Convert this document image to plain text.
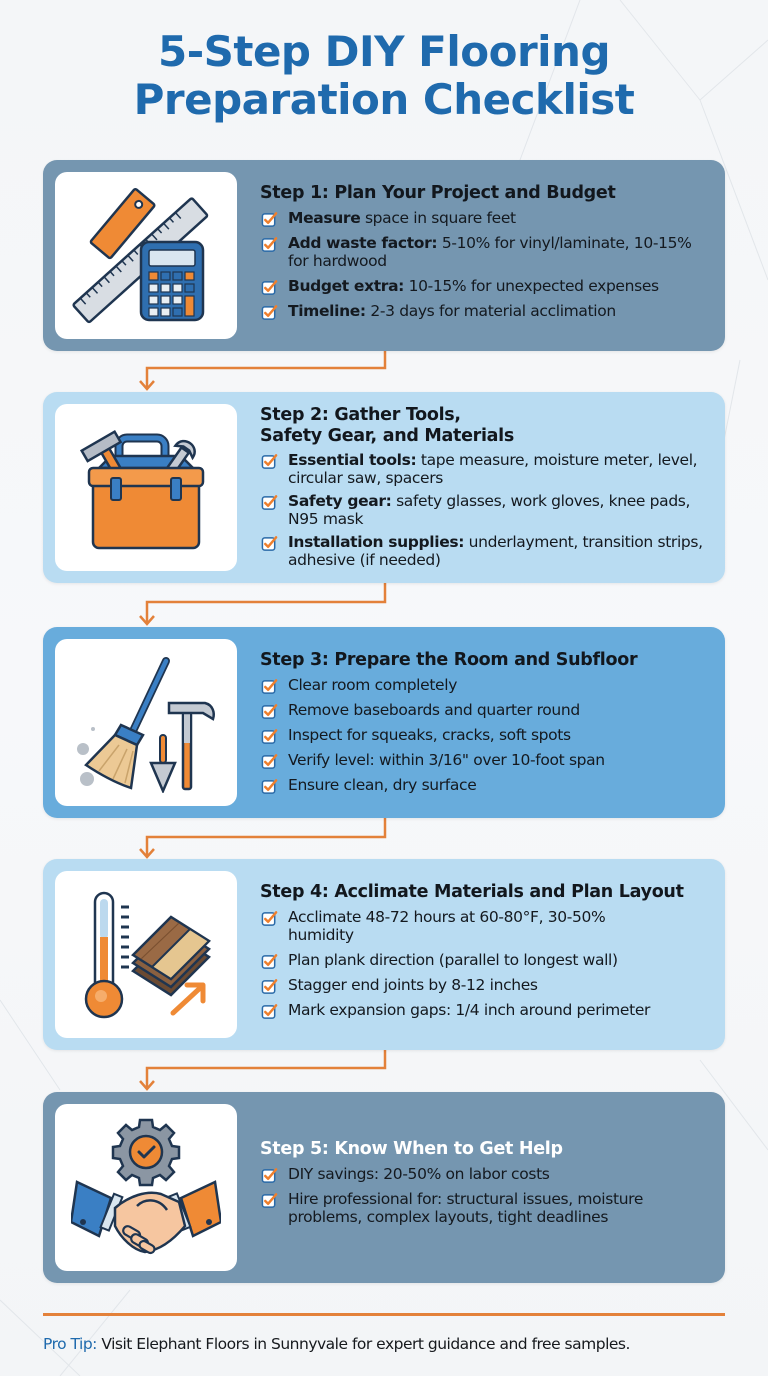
5-Step DIY Flooring
Preparation Checklist
Step 1: Plan Your Project and Budget
Measure space in square feet
Add waste factor: 5-10% for vinyl/laminate, 10-15% for hardwood
Budget extra: 10-15% for unexpected expenses
Timeline: 2-3 days for material acclimation
Step 2: Gather Tools, Safety Gear, and Materials
Essential tools: tape measure, moisture meter, level, circular saw, spacers
Safety gear: safety glasses, work gloves, knee pads, N95 mask
Installation supplies: underlayment, transition strips, adhesive (if needed)
Step 3: Prepare the Room and Subfloor
Clear room completely
Remove baseboards and quarter round
Inspect for squeaks, cracks, soft spots
Verify level: within 3/16" over 10-foot span
Ensure clean, dry surface
Step 4: Acclimate Materials and Plan Layout
Acclimate 48-72 hours at 60-80°F, 30-50% humidity
Plan plank direction (parallel to longest wall)
Stagger end joints by 8-12 inches
Mark expansion gaps: 1/4 inch around perimeter
Step 5: Know When to Get Help
DIY savings: 20-50% on labor costs
Hire professional for: structural issues, moisture problems, complex layouts, tight deadlines
Pro Tip: Visit Elephant Floors in Sunnyvale for expert guidance and free samples.
